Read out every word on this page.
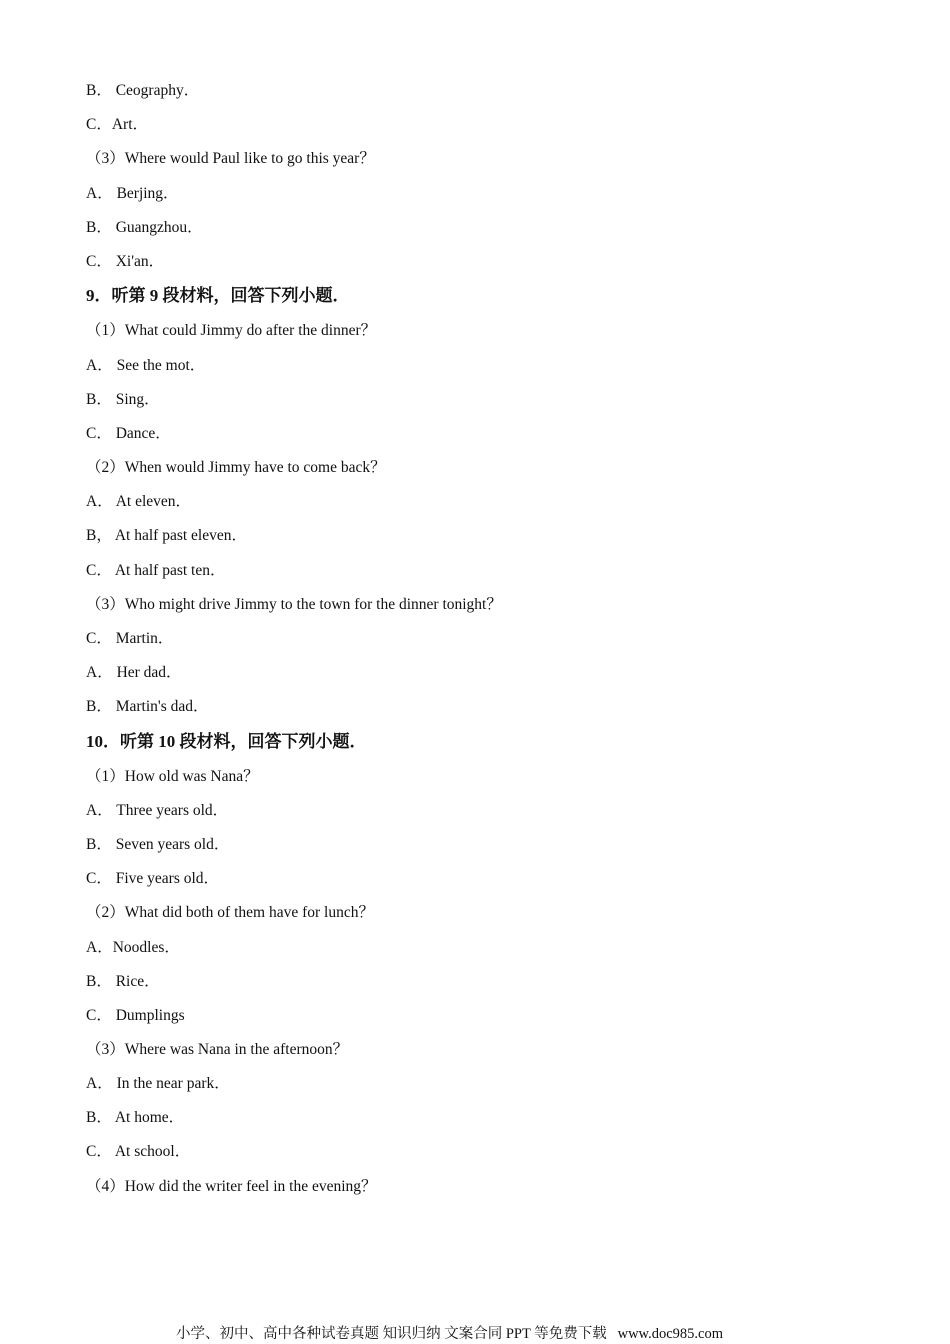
B． Ceography．
C．Art．
（3）Where would Paul like to go this year？
A． Berjing．
B． Guangzhou．
C． Xi'an．
9．听第 9 段材料，回答下列小题．
（1）What could Jimmy do after the dinner？
A． See the mot．
B． Sing．
C． Dance．
（2）When would Jimmy have to come back？
A． At eleven．
B， At half past eleven．
C． At half past ten．
（3）Who might drive Jimmy to the town for the dinner tonight？
C． Martin．
A． Her dad．
B． Martin's dad．
10．听第 10 段材料，回答下列小题．
（1）How old was Nana？
A． Three years old．
B． Seven years old．
C． Five years old．
（2）What did both of them have for lunch？
A．Noodles．
B． Rice．
C． Dumplings
（3）Where was Nana in the afternoon？
A． In the near park．
B． At home．
C． At school．
（4）How did the writer feel in the evening？
小学、初中、高中各种试卷真题 知识归纳 文案合同 PPT 等免费下载   www.doc985.com
